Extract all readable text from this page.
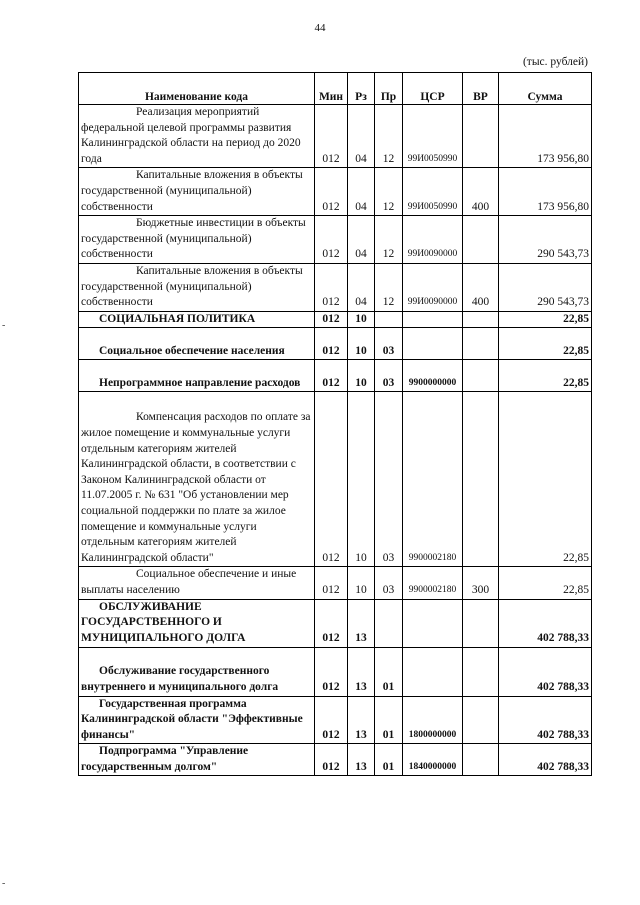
44
(тыс. рублей)
-
-
Наименование кода	Мин	Рз	Пр	ЦСР	ВР	Сумма
Реализация мероприятий федеральной целевой программы развития Калининградской области на период до 2020 года	012	04	12	99И0050990		173 956,80
Капитальные вложения в объекты государственной (муниципальной) собственности	012	04	12	99И0050990	400	173 956,80
Бюджетные инвестиции в объекты государственной (муниципальной) собственности	012	04	12	99И0090000		290 543,73
Капитальные вложения в объекты государственной (муниципальной) собственности	012	04	12	99И0090000	400	290 543,73
СОЦИАЛЬНАЯ ПОЛИТИКА	012	10				22,85
Социальное обеспечение населения	012	10	03			22,85
Непрограммное направление расходов	012	10	03	9900000000		22,85
Компенсация расходов по оплате за жилое помещение и коммунальные услуги отдельным категориям жителей Калининградской области, в соответствии с Законом Калининградской области от 11.07.2005 г. № 631 "Об установлении мер социальной поддержки по плате за жилое помещение и коммунальные услуги отдельным категориям жителей Калининградской области"	012	10	03	9900002180		22,85
Социальное обеспечение и иные выплаты населению	012	10	03	9900002180	300	22,85
ОБСЛУЖИВАНИЕ ГОСУДАРСТВЕННОГО И МУНИЦИПАЛЬНОГО ДОЛГА	012	13				402 788,33
Обслуживание государственного внутреннего и муниципального долга	012	13	01			402 788,33
Государственная программа Калининградской области "Эффективные финансы"	012	13	01	1800000000		402 788,33
Подпрограмма "Управление государственным долгом"	012	13	01	1840000000		402 788,33
